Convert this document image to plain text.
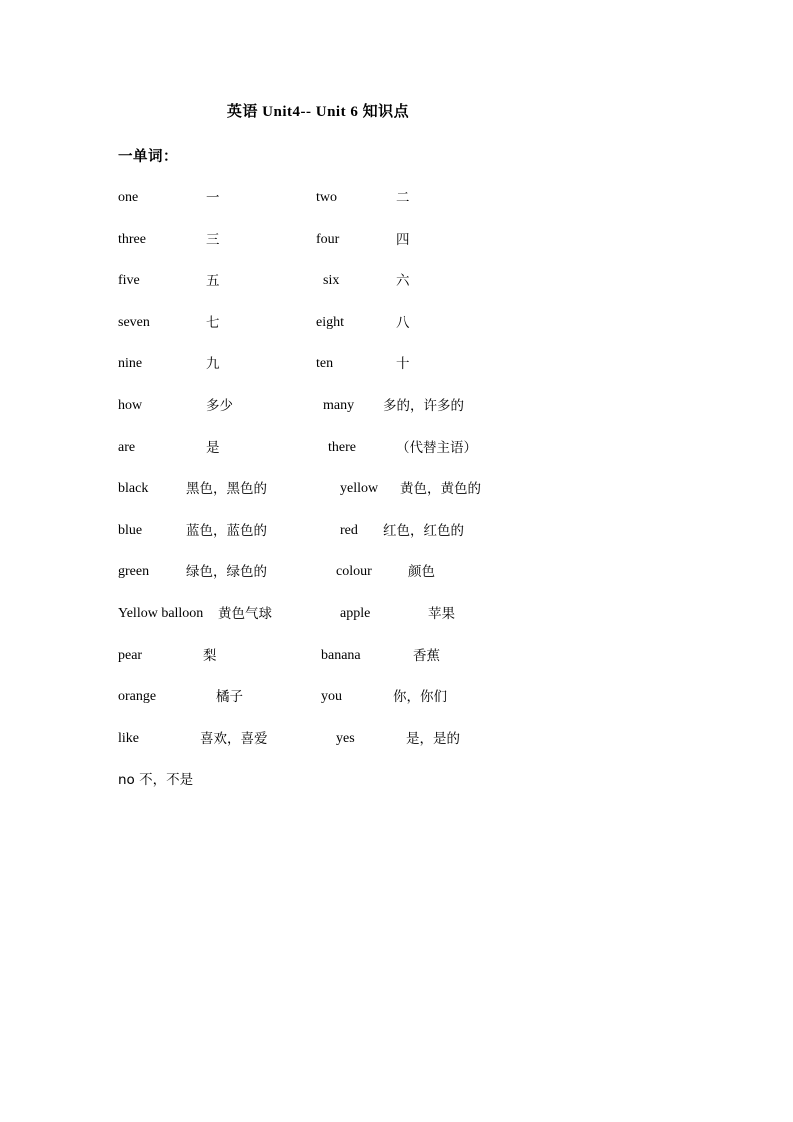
英语 Unit4-- Unit 6 知识点
一单词：
one	一	two	二
three	三	four	四
five	五	six	六
seven	七	eight	八
nine	九	ten	十
how	多少	many 多的，许多的
are	是	there	（代替主语）
black	黑色，黑色的	yellow 黄色，黄色的
blue	蓝色，蓝色的	red 红色，红色的
green	绿色，绿色的	colour	颜色
Yellow balloon 黄色气球	apple	苹果
pear	梨	banana	香蕉
orange	橘子	you	你，你们
like	喜欢，喜爱	yes	是，是的
no 不，不是
